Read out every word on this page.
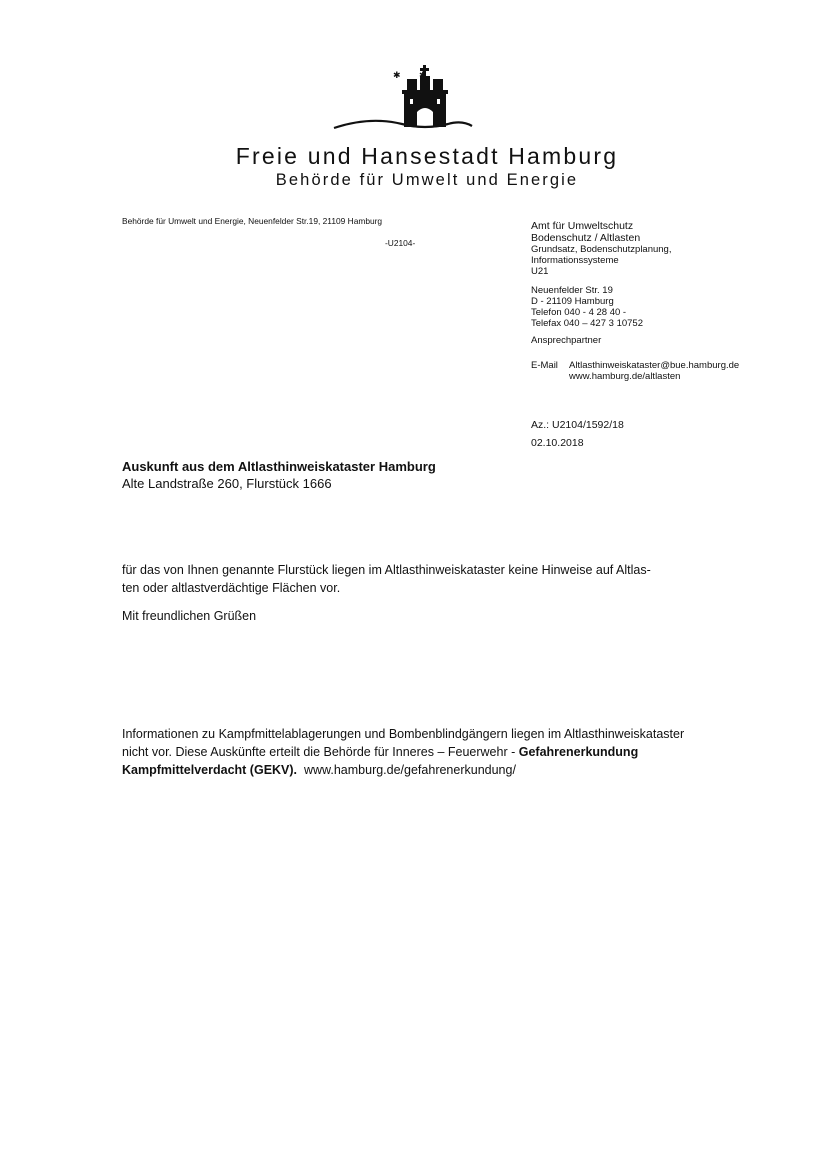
✱
Freie und Hansestadt Hamburg
Behörde für Umwelt und Energie
Behörde für Umwelt und Energie, Neuenfelder Str.19, 21109 Hamburg
-U2104-
Amt für Umweltschutz
Bodenschutz / Altlasten
Grundsatz, Bodenschutzplanung,
Informationssysteme
U21
Neuenfelder Str. 19
D - 21109 Hamburg
Telefon 040 - 4 28 40 -
Telefax 040 – 427 3 10752
Ansprechpartner
E-Mail	Altlasthinweiskataster@bue.hamburg.de
www.hamburg.de/altlasten
Az.: U2104/1592/18
02.10.2018
Auskunft aus dem Altlasthinweiskataster Hamburg
Alte Landstraße 260, Flurstück 1666
für das von Ihnen genannte Flurstück liegen im Altlasthinweiskataster keine Hinweise auf Altlas-
ten oder altlastverdächtige Flächen vor.
Mit freundlichen Grüßen
Informationen zu Kampfmittelablagerungen und Bombenblindgängern liegen im Altlasthinweiskataster
nicht vor. Diese Auskünfte erteilt die Behörde für Inneres – Feuerwehr - Gefahrenerkundung
Kampfmittelverdacht (GEKV). www.hamburg.de/gefahrenerkundung/
